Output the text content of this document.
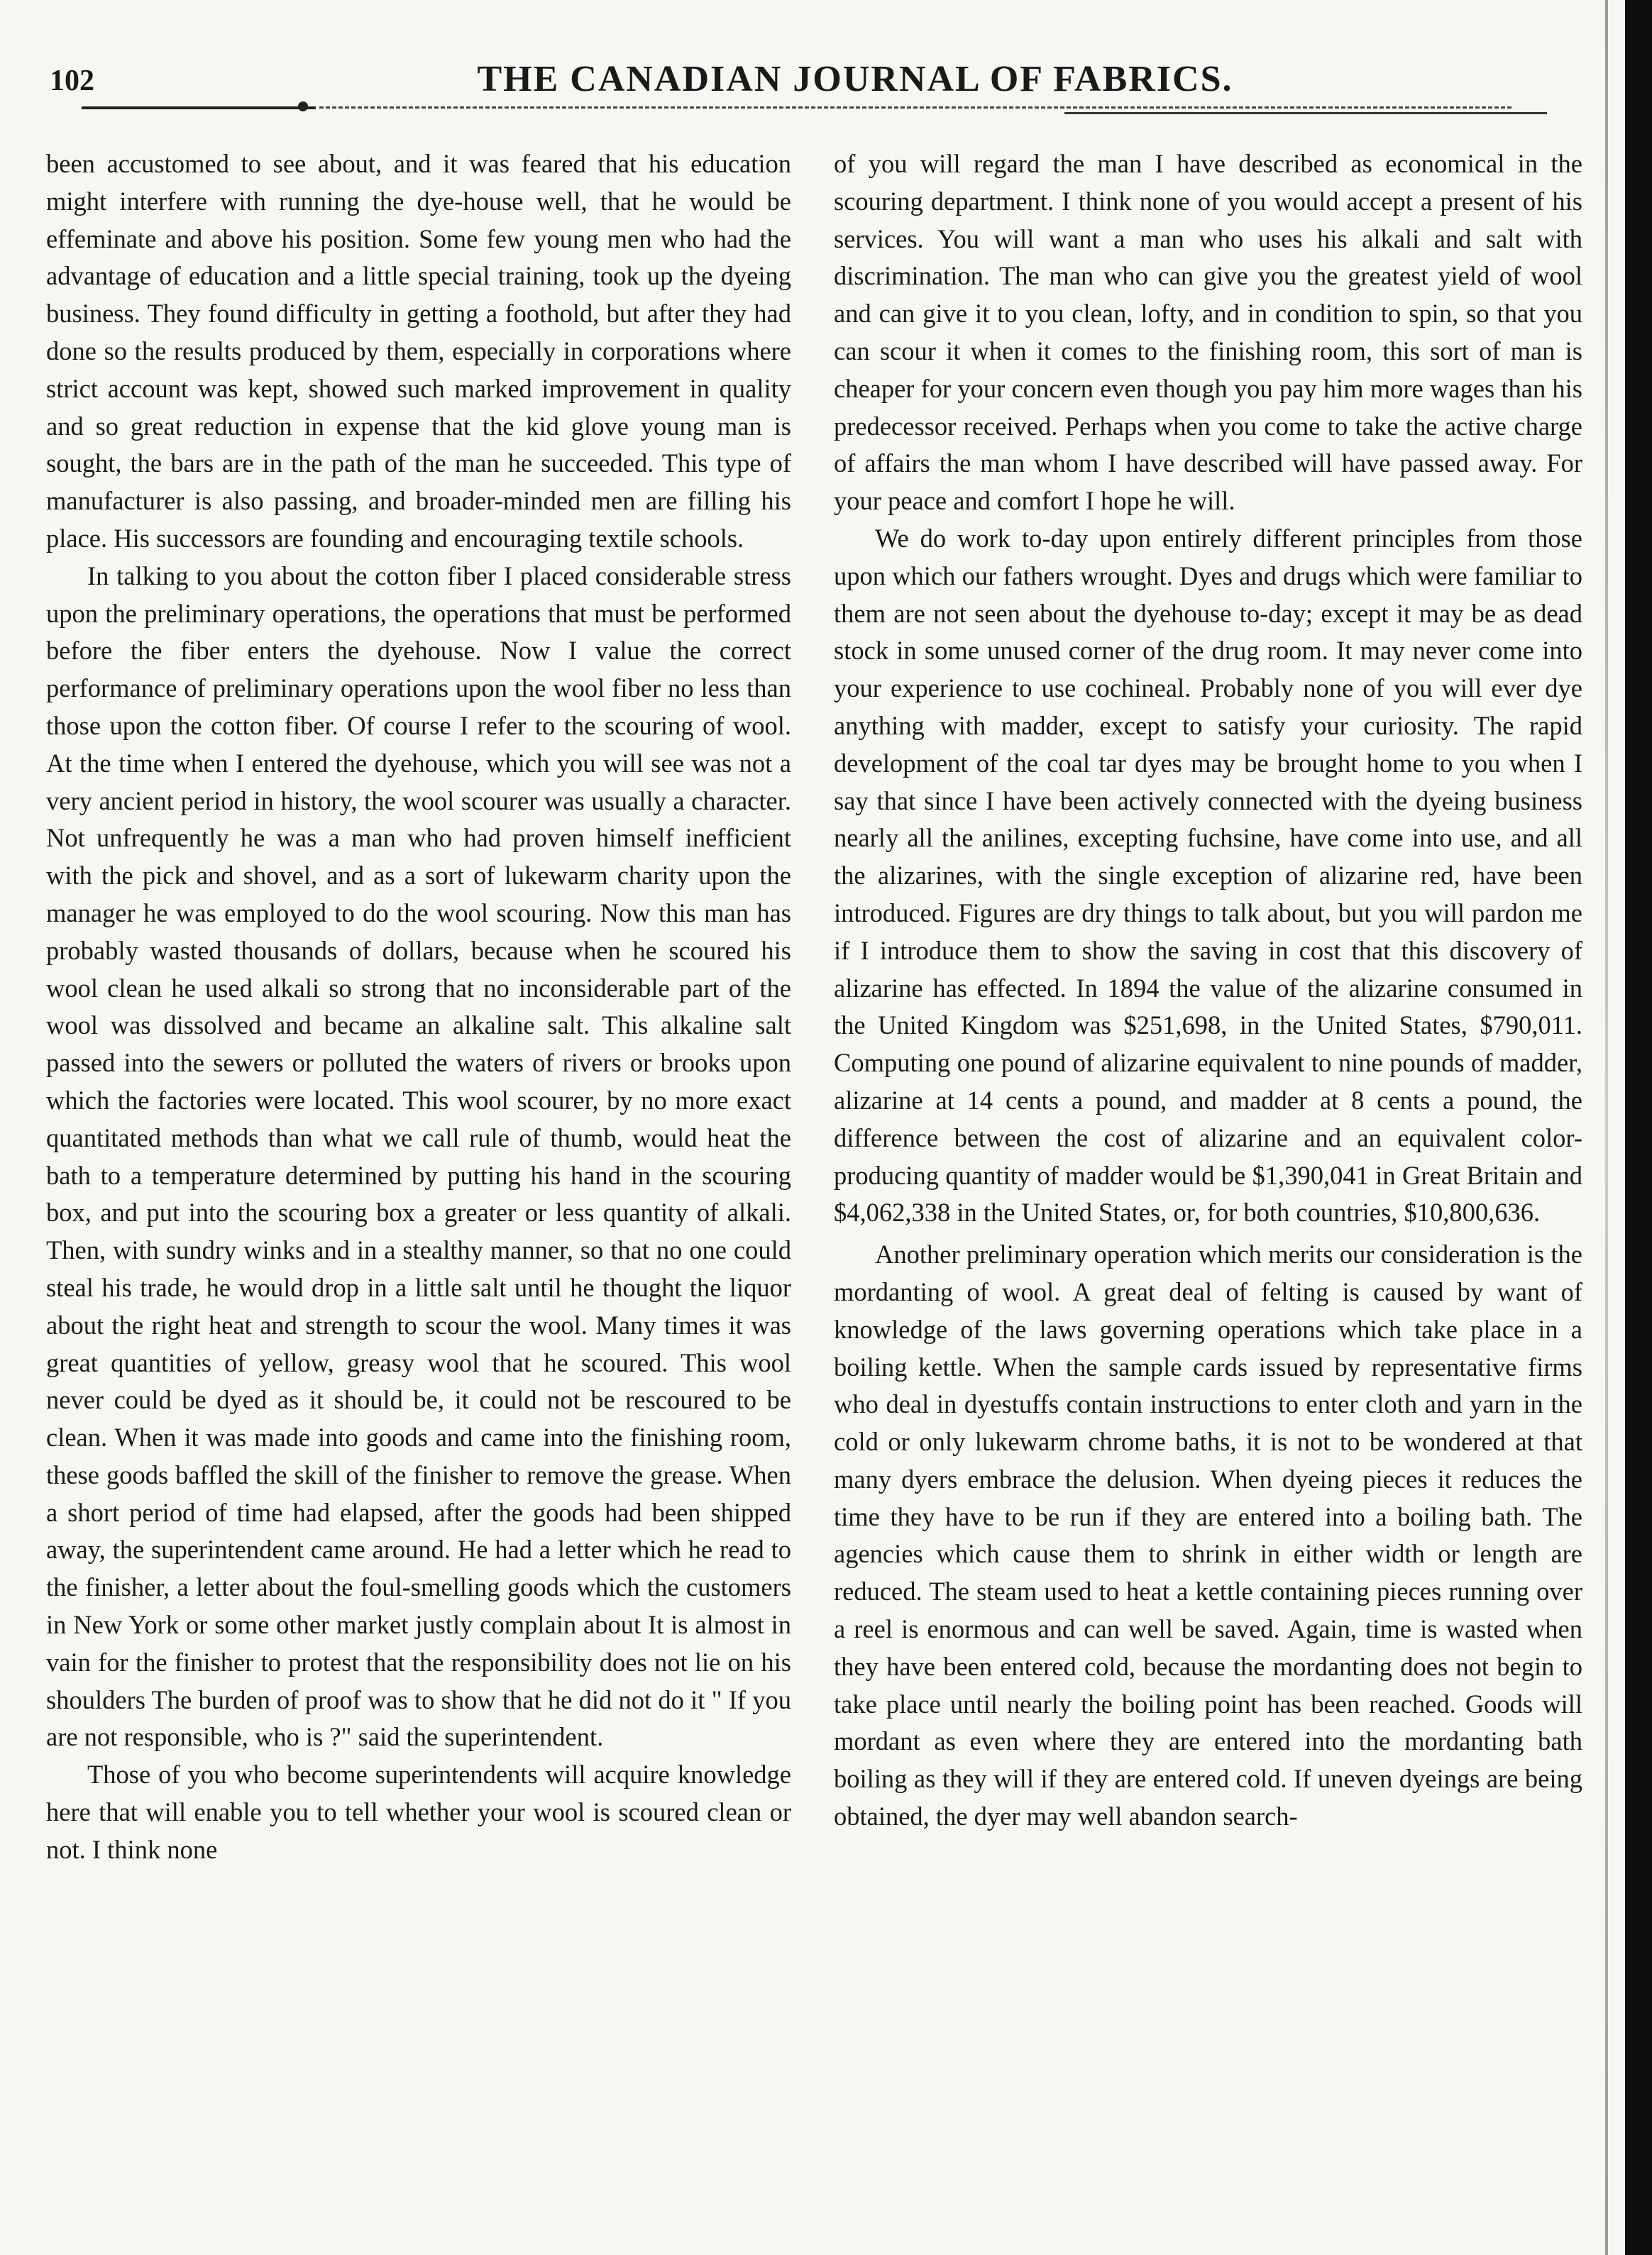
102	THE CANADIAN JOURNAL OF FABRICS.

been accustomed to see about, and it was feared that his education might interfere with running the dye-house well, that he would be effeminate and above his position. Some few young men who had the advantage of education and a little special training, took up the dyeing business. They found difficulty in getting a foothold, but after they had done so the results produced by them, especially in corporations where strict account was kept, showed such marked improvement in quality and so great reduction in expense that the kid glove young man is sought, the bars are in the path of the man he succeeded. This type of manufacturer is also passing, and broader-minded men are filling his place. His successors are founding and encouraging textile schools.

In talking to you about the cotton fiber I placed considerable stress upon the preliminary operations, the operations that must be performed before the fiber enters the dyehouse. Now I value the correct performance of preliminary operations upon the wool fiber no less than those upon the cotton fiber. Of course I refer to the scouring of wool. At the time when I entered the dyehouse, which you will see was not a very ancient period in history, the wool scourer was usually a character. Not unfrequently he was a man who had proven himself inefficient with the pick and shovel, and as a sort of lukewarm charity upon the manager he was employed to do the wool scouring. Now this man has probably wasted thousands of dollars, because when he scoured his wool clean he used alkali so strong that no inconsiderable part of the wool was dissolved and became an alkaline salt. This alkaline salt passed into the sewers or polluted the waters of rivers or brooks upon which the factories were located. This wool scourer, by no more exact quantitated methods than what we call rule of thumb, would heat the bath to a temperature determined by putting his hand in the scouring box, and put into the scouring box a greater or less quantity of alkali. Then, with sundry winks and in a stealthy manner, so that no one could steal his trade, he would drop in a little salt until he thought the liquor about the right heat and strength to scour the wool. Many times it was great quantities of yellow, greasy wool that he scoured. This wool never could be dyed as it should be, it could not be rescoured to be clean. When it was made into goods and came into the finishing room, these goods baffled the skill of the finisher to remove the grease. When a short period of time had elapsed, after the goods had been shipped away, the superintendent came around. He had a letter which he read to the finisher, a letter about the foul-smelling goods which the customers in New York or some other market justly complain about It is almost in vain for the finisher to protest that the responsibility does not lie on his shoulders The burden of proof was to show that he did not do it " If you are not responsible, who is ?" said the superintendent.

Those of you who become superintendents will acquire knowledge here that will enable you to tell whether your wool is scoured clean or not. I think none

of you will regard the man I have described as economical in the scouring department. I think none of you would accept a present of his services. You will want a man who uses his alkali and salt with discrimination. The man who can give you the greatest yield of wool and can give it to you clean, lofty, and in condition to spin, so that you can scour it when it comes to the finishing room, this sort of man is cheaper for your concern even though you pay him more wages than his predecessor received. Perhaps when you come to take the active charge of affairs the man whom I have described will have passed away. For your peace and comfort I hope he will.

We do work to-day upon entirely different principles from those upon which our fathers wrought. Dyes and drugs which were familiar to them are not seen about the dyehouse to-day; except it may be as dead stock in some unused corner of the drug room. It may never come into your experience to use cochineal. Probably none of you will ever dye anything with madder, except to satisfy your curiosity. The rapid development of the coal tar dyes may be brought home to you when I say that since I have been actively connected with the dyeing business nearly all the anilines, excepting fuchsine, have come into use, and all the alizarines, with the single exception of alizarine red, have been introduced. Figures are dry things to talk about, but you will pardon me if I introduce them to show the saving in cost that this discovery of alizarine has effected. In 1894 the value of the alizarine consumed in the United Kingdom was $251,698, in the United States, $790,011. Computing one pound of alizarine equivalent to nine pounds of madder, alizarine at 14 cents a pound, and madder at 8 cents a pound, the difference between the cost of alizarine and an equivalent color-producing quantity of madder would be $1,390,041 in Great Britain and $4,062,338 in the United States, or, for both countries, $10,800,636.

Another preliminary operation which merits our consideration is the mordanting of wool. A great deal of felting is caused by want of knowledge of the laws governing operations which take place in a boiling kettle. When the sample cards issued by representative firms who deal in dyestuffs contain instructions to enter cloth and yarn in the cold or only lukewarm chrome baths, it is not to be wondered at that many dyers embrace the delusion. When dyeing pieces it reduces the time they have to be run if they are entered into a boiling bath. The agencies which cause them to shrink in either width or length are reduced. The steam used to heat a kettle containing pieces running over a reel is enormous and can well be saved. Again, time is wasted when they have been entered cold, because the mordanting does not begin to take place until nearly the boiling point has been reached. Goods will mordant as even where they are entered into the mordanting bath boiling as they will if they are entered cold. If uneven dyeings are being obtained, the dyer may well abandon search-
